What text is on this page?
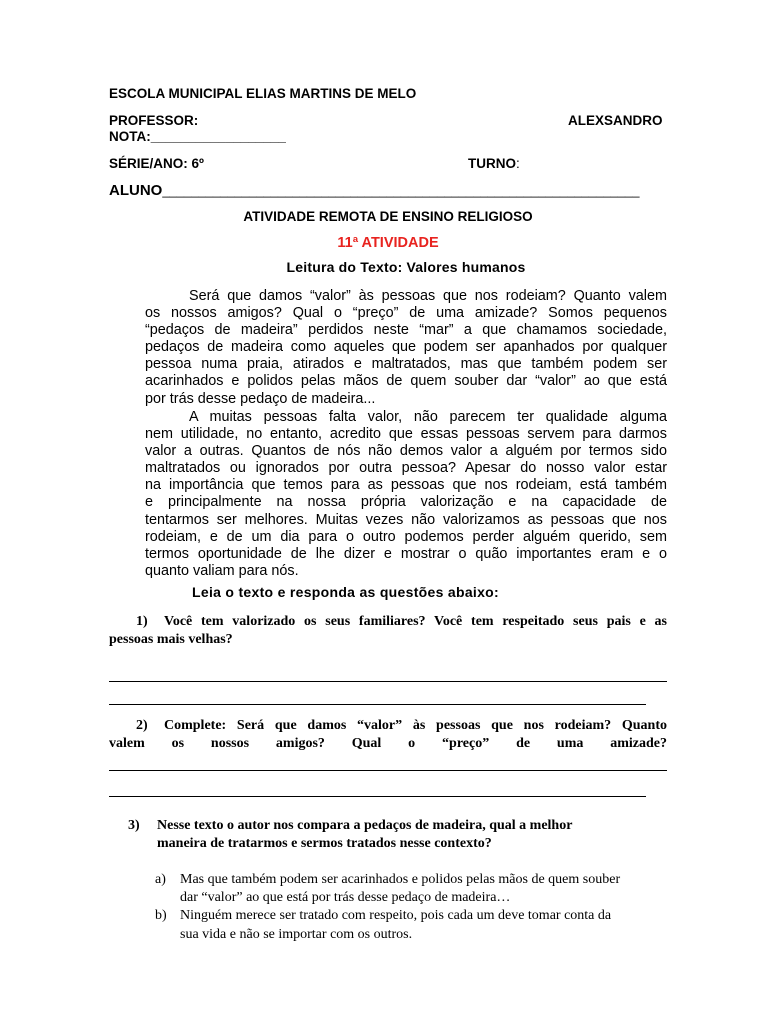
ESCOLA MUNICIPAL ELIAS MARTINS DE MELO
PROFESSOR:	ALEXSANDRO
NOTA:__________________
SÉRIE/ANO: 6º	TURNO:
ALUNO__________________________________________________________________
ATIVIDADE REMOTA DE ENSINO RELIGIOSO
11ª ATIVIDADE
Leitura do Texto: Valores humanos
Será que damos “valor” às pessoas que nos rodeiam? Quanto valem
os nossos amigos? Qual o “preço” de uma amizade? Somos pequenos
“pedaços de madeira” perdidos neste “mar” a que chamamos sociedade,
pedaços de madeira como aqueles que podem ser apanhados por qualquer
pessoa numa praia, atirados e maltratados, mas que também podem ser
acarinhados e polidos pelas mãos de quem souber dar “valor” ao que está
por trás desse pedaço de madeira...
A muitas pessoas falta valor, não parecem ter qualidade alguma
nem utilidade, no entanto, acredito que essas pessoas servem para darmos
valor a outras. Quantos de nós não demos valor a alguém por termos sido
maltratados ou ignorados por outra pessoa? Apesar do nosso valor estar
na importância que temos para as pessoas que nos rodeiam, está também
e principalmente na nossa própria valorização e na capacidade de
tentarmos ser melhores. Muitas vezes não valorizamos as pessoas que nos
rodeiam, e de um dia para o outro podemos perder alguém querido, sem
termos oportunidade de lhe dizer e mostrar o quão importantes eram e o
quanto valiam para nós.
Leia o texto e responda as questões abaixo:
1) Você tem valorizado os seus familiares? Você tem respeitado seus pais e as
pessoas mais velhas?
2) Complete: Será que damos “valor” às pessoas que nos rodeiam? Quanto
valem os nossos amigos? Qual o “preço” de uma amizade?
3) Nesse texto o autor nos compara a pedaços de madeira, qual a melhor
maneira de tratarmos e sermos tratados nesse contexto?
a) Mas que também podem ser acarinhados e polidos pelas mãos de quem souber
dar “valor” ao que está por trás desse pedaço de madeira…
b) Ninguém merece ser tratado com respeito, pois cada um deve tomar conta da
sua vida e não se importar com os outros.
